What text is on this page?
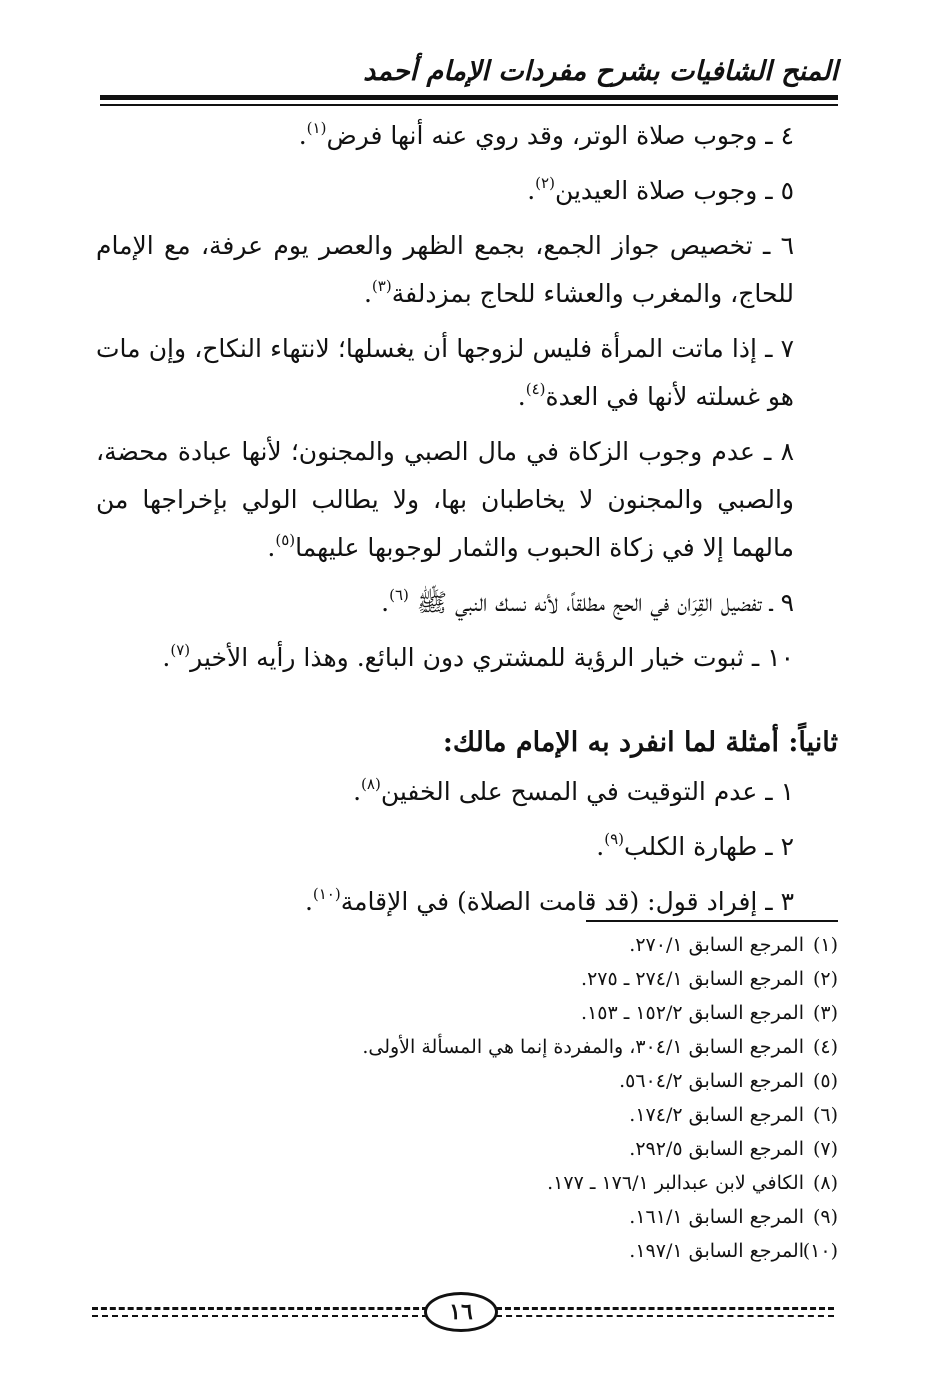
المنح الشافيات بشرح مفردات الإمام أحمد

٤ ـ وجوب صلاة الوتر، وقد روي عنه أنها فرض$^{(١)}$.

٥ ـ وجوب صلاة العيدين$^{(٢)}$.

٦ ـ تخصيص جواز الجمع، بجمع الظهر والعصر يوم عرفة، مع الإمام للحاج، والمغرب والعشاء للحاج بمزدلفة$^{(٣)}$.

٧ ـ إذا ماتت المرأة فليس لزوجها أن يغسلها؛ لانتهاء النكاح، وإن مات هو غسلته لأنها في العدة$^{(٤)}$.

٨ ـ عدم وجوب الزكاة في مال الصبي والمجنون؛ لأنها عبادة محضة، والصبي والمجنون لا يخاطبان بها، ولا يطالب الولي بإخراجها من مالهما إلا في زكاة الحبوب والثمار لوجوبها عليهما$^{(٥)}$.

٩ ـ تفضيل القِرَان في الحج مطلقاً، لأنه نسك النبي ﷺ $^{(٦)}$.

١٠ ـ ثبوت خيار الرؤية للمشتري دون البائع. وهذا رأيه الأخير$^{(٧)}$.

ثانياً: أمثلة لما انفرد به الإمام مالك:

١ ـ عدم التوقيت في المسح على الخفين$^{(٨)}$.

٢ ـ طهارة الكلب$^{(٩)}$.

٣ ـ إفراد قول: (قد قامت الصلاة) في الإقامة$^{(١٠)}$.

(١)المرجع السابق ٢٧٠/١.

(٢)المرجع السابق ٢٧٤/١ ـ ٢٧٥.

(٣)المرجع السابق ١٥٢/٢ ـ ١٥٣.

(٤)المرجع السابق ٣٠٤/١، والمفردة إنما هي المسألة الأولى.

(٥)المرجع السابق ٥٦٠٤/٢.

(٦)المرجع السابق ١٧٤/٢.

(٧)المرجع السابق ٢٩٢/٥.

(٨)الكافي لابن عبدالبر ١٧٦/١ ـ ١٧٧.

(٩)المرجع السابق ١٦١/١.

(١٠)المرجع السابق ١٩٧/١.

١٦
